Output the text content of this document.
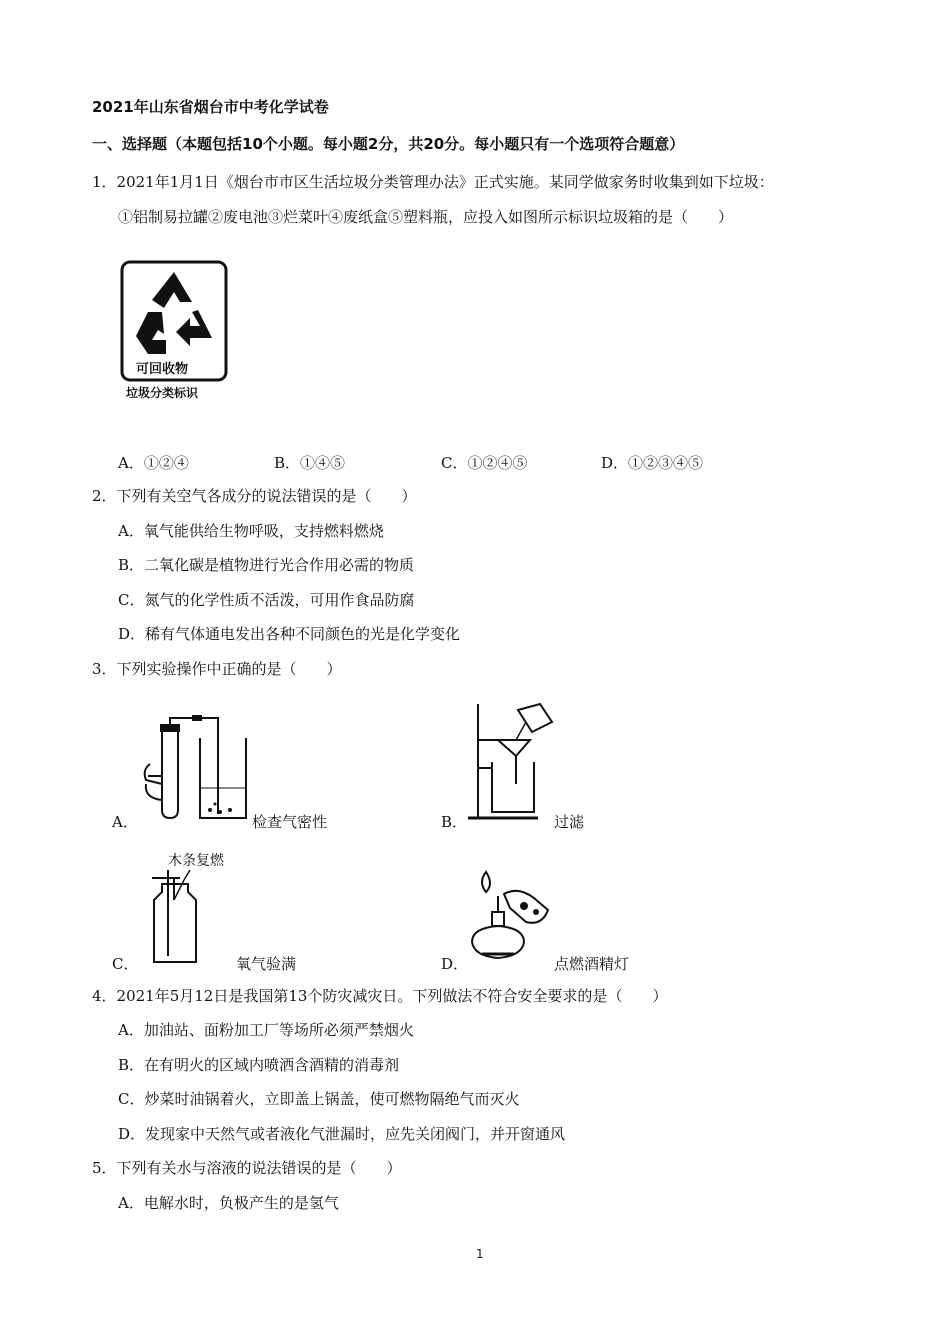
2021年山东省烟台市中考化学试卷
一、选择题（本题包括10个小题。每小题2分，共20分。每小题只有一个选项符合题意）
1．2021年1月1日《烟台市市区生活垃圾分类管理办法》正式实施。某同学做家务时收集到如下垃圾：
①铝制易拉罐②废电池③烂菜叶④废纸盒⑤塑料瓶，应投入如图所示标识垃圾箱的是（　　）
可回收物
垃圾分类标识
A．①②④	B．①④⑤	C．①②④⑤	D．①②③④⑤
2．下列有关空气各成分的说法错误的是（　　）
A．氧气能供给生物呼吸，支持燃料燃烧
B．二氧化碳是植物进行光合作用必需的物质
C．氮气的化学性质不活泼，可用作食品防腐
D．稀有气体通电发出各种不同颜色的光是化学变化
3．下列实验操作中正确的是（　　）
A．	检查气密性	B．	过滤
木条复燃
C．	氧气验满	D．	点燃酒精灯
4．2021年5月12日是我国第13个防灾减灾日。下列做法不符合安全要求的是（　　）
A．加油站、面粉加工厂等场所必须严禁烟火
B．在有明火的区域内喷洒含酒精的消毒剂
C．炒菜时油锅着火，立即盖上锅盖，使可燃物隔绝气而灭火
D．发现家中天然气或者液化气泄漏时，应先关闭阀门，并开窗通风
5．下列有关水与溶液的说法错误的是（　　）
A．电解水时，负极产生的是氢气
1
